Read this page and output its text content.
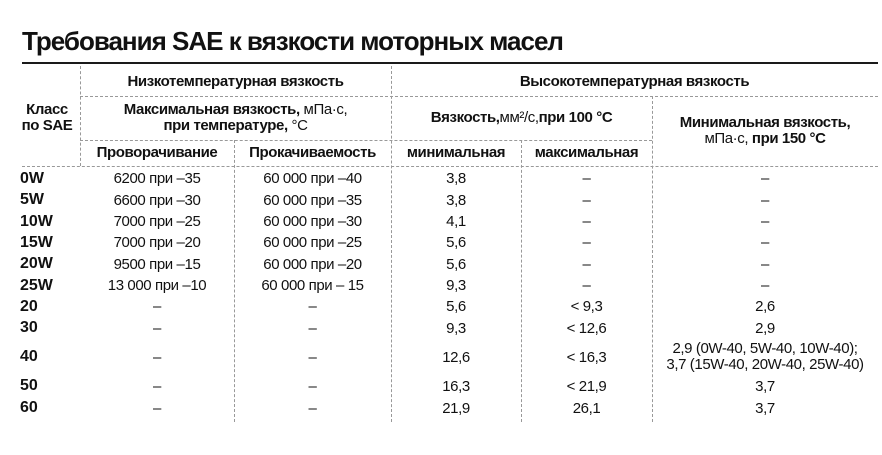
Требования SAE к вязкости моторных масел
Класс
по SAE
Низкотемпературная вязкость
Максимальная вязкость, мПа·с,
при температуре, °C
Проворачивание	Прокачиваемость
Высокотемпературная вязкость
Вязкость, мм²/с, при 100 °C
минимальная	максимальная
Минимальная вязкость,
мПа·с, при 150 °C
0W	6200 при –35	60 000 при –40	3,8	–	–
5W	6600 при –30	60 000 при –35	3,8	–	–
10W	7000 при –25	60 000 при –30	4,1	–	–
15W	7000 при –20	60 000 при –25	5,6	–	–
20W	9500 при –15	60 000 при –20	5,6	–	–
25W	13 000 при –10	60 000 при – 15	9,3	–	–
20	–	–	5,6	< 9,3	2,6
30	–	–	9,3	< 12,6	2,9
40	–	–	12,6	< 16,3	2,9 (0W-40, 5W-40, 10W-40);
3,7 (15W-40, 20W-40, 25W-40)
50	–	–	16,3	< 21,9	3,7
60	–	–	21,9	26,1	3,7
